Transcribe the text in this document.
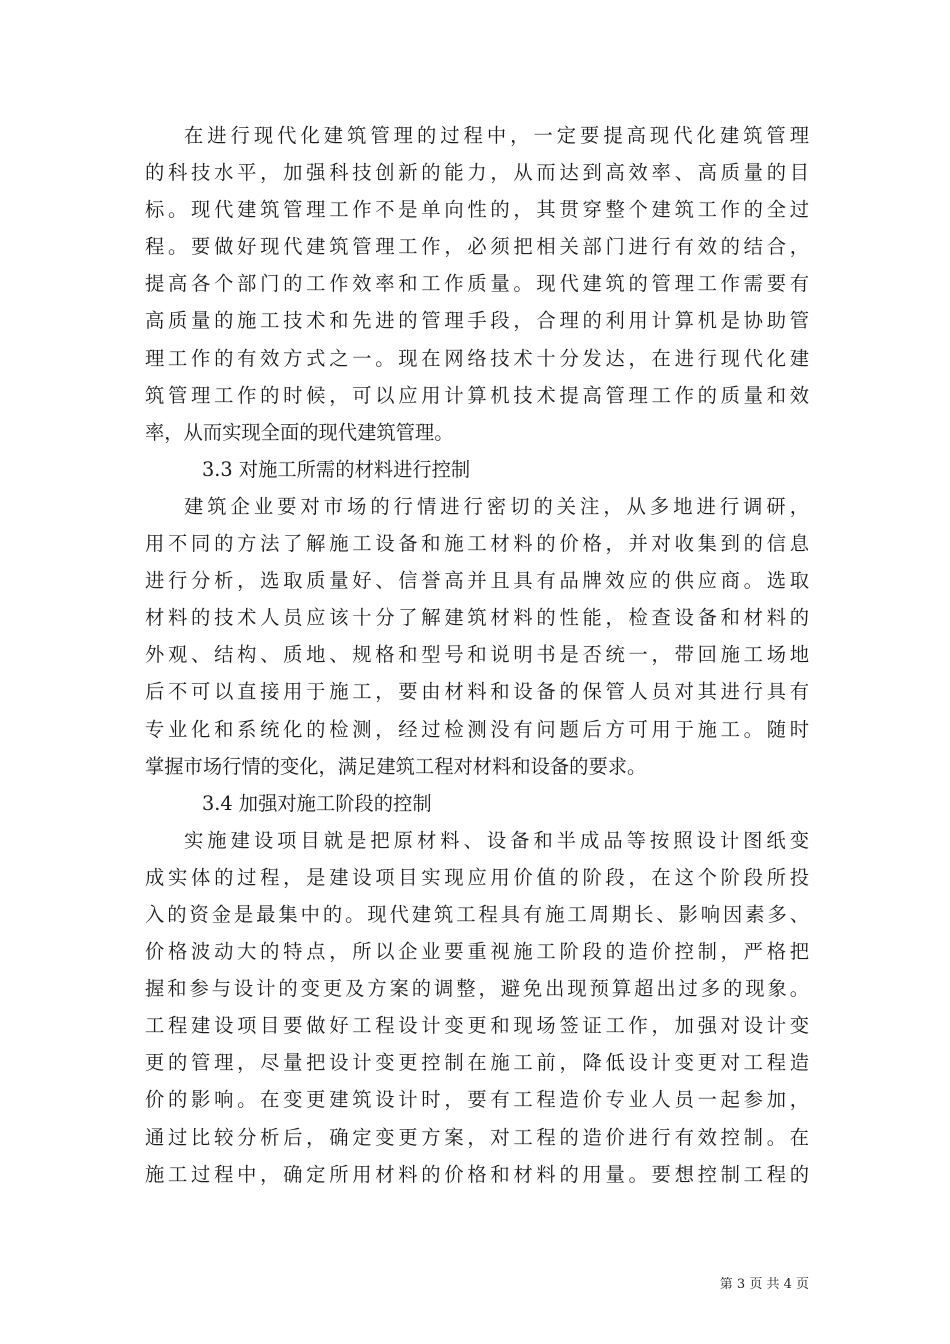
在进行现代化建筑管理的过程中，一定要提高现代化建筑管理
的科技水平，加强科技创新的能力，从而达到高效率、高质量的目
标。现代建筑管理工作不是单向性的，其贯穿整个建筑工作的全过
程。要做好现代建筑管理工作，必须把相关部门进行有效的结合，
提高各个部门的工作效率和工作质量。现代建筑的管理工作需要有
高质量的施工技术和先进的管理手段，合理的利用计算机是协助管
理工作的有效方式之一。现在网络技术十分发达，在进行现代化建
筑管理工作的时候，可以应用计算机技术提高管理工作的质量和效
率，从而实现全面的现代建筑管理。
3.3 对施工所需的材料进行控制
建筑企业要对市场的行情进行密切的关注，从多地进行调研，
用不同的方法了解施工设备和施工材料的价格，并对收集到的信息
进行分析，选取质量好、信誉高并且具有品牌效应的供应商。选取
材料的技术人员应该十分了解建筑材料的性能，检查设备和材料的
外观、结构、质地、规格和型号和说明书是否统一，带回施工场地
后不可以直接用于施工，要由材料和设备的保管人员对其进行具有
专业化和系统化的检测，经过检测没有问题后方可用于施工。随时
掌握市场行情的变化，满足建筑工程对材料和设备的要求。
3.4 加强对施工阶段的控制
实施建设项目就是把原材料、设备和半成品等按照设计图纸变
成实体的过程，是建设项目实现应用价值的阶段，在这个阶段所投
入的资金是最集中的。现代建筑工程具有施工周期长、影响因素多、
价格波动大的特点，所以企业要重视施工阶段的造价控制，严格把
握和参与设计的变更及方案的调整，避免出现预算超出过多的现象。
工程建设项目要做好工程设计变更和现场签证工作，加强对设计变
更的管理，尽量把设计变更控制在施工前，降低设计变更对工程造
价的影响。在变更建筑设计时，要有工程造价专业人员一起参加，
通过比较分析后，确定变更方案，对工程的造价进行有效控制。在
施工过程中，确定所用材料的价格和材料的用量。要想控制工程的
第 3 页 共 4 页
